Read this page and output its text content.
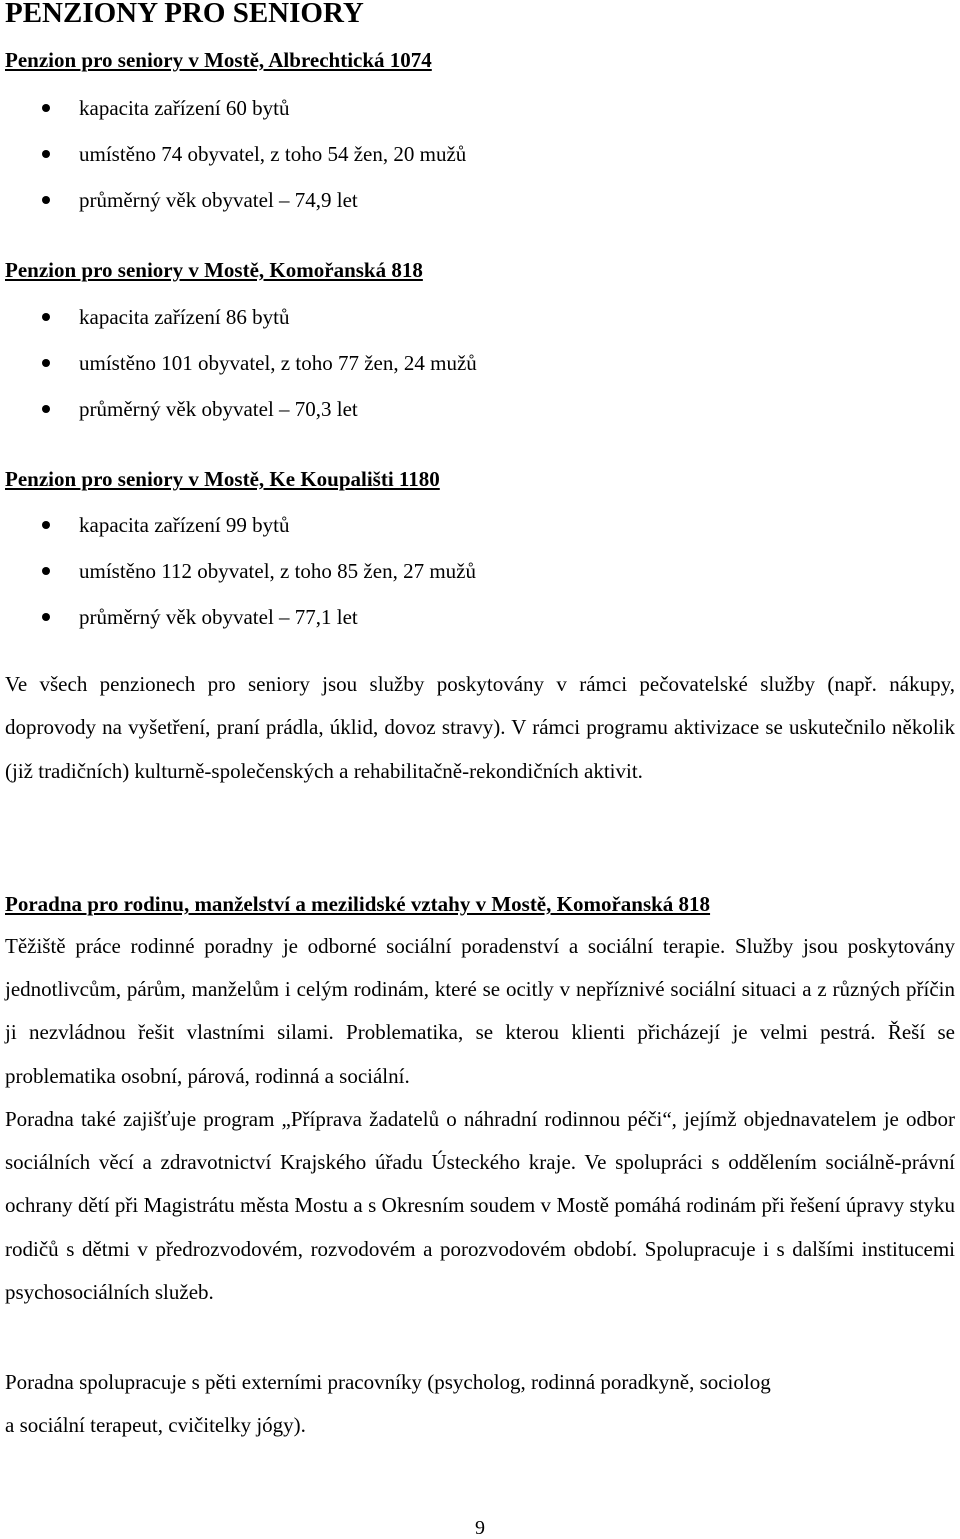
PENZIONY PRO SENIORY
Penzion pro seniory v Mostě, Albrechtická 1074
kapacita zařízení 60 bytů
umístěno 74 obyvatel, z toho 54 žen, 20 mužů
průměrný věk obyvatel – 74,9 let
Penzion pro seniory v Mostě, Komořanská 818
kapacita zařízení 86 bytů
umístěno 101 obyvatel, z toho 77 žen, 24 mužů
průměrný věk obyvatel – 70,3 let
Penzion pro seniory v Mostě, Ke Koupališti 1180
kapacita zařízení 99 bytů
umístěno 112 obyvatel, z toho 85 žen, 27 mužů
průměrný věk obyvatel – 77,1 let

Ve všech penzionech pro seniory jsou služby poskytovány v rámci pečovatelské služby (např. nákupy, doprovody na vyšetření, praní prádla, úklid, dovoz stravy). V rámci programu aktivizace se uskutečnilo několik (již tradičních) kulturně-společenských a rehabilitačně-rekondičních aktivit.

Poradna pro rodinu, manželství a mezilidské vztahy v Mostě, Komořanská 818

Těžiště práce rodinné poradny je odborné sociální poradenství a sociální terapie. Služby jsou poskytovány jednotlivcům, párům, manželům i celým rodinám, které se ocitly v nepříznivé sociální situaci a z různých příčin ji nezvládnou řešit vlastními silami. Problematika, se kterou klienti přicházejí je velmi pestrá. Řeší se problematika osobní, párová, rodinná a sociální.

Poradna také zajišťuje program „Příprava žadatelů o náhradní rodinnou péči“, jejímž objednavatelem je odbor sociálních věcí a zdravotnictví Krajského úřadu Ústeckého kraje. Ve spolupráci s oddělením sociálně-právní ochrany dětí při Magistrátu města Mostu a s Okresním soudem v Mostě pomáhá rodinám při řešení úpravy styku rodičů s dětmi v předrozvodovém, rozvodovém a porozvodovém období. Spolupracuje i s dalšími institucemi psychosociálních služeb.

Poradna spolupracuje s pěti externími pracovníky (psycholog, rodinná poradkyně, sociolog
a sociální terapeut, cvičitelky jógy).

9
